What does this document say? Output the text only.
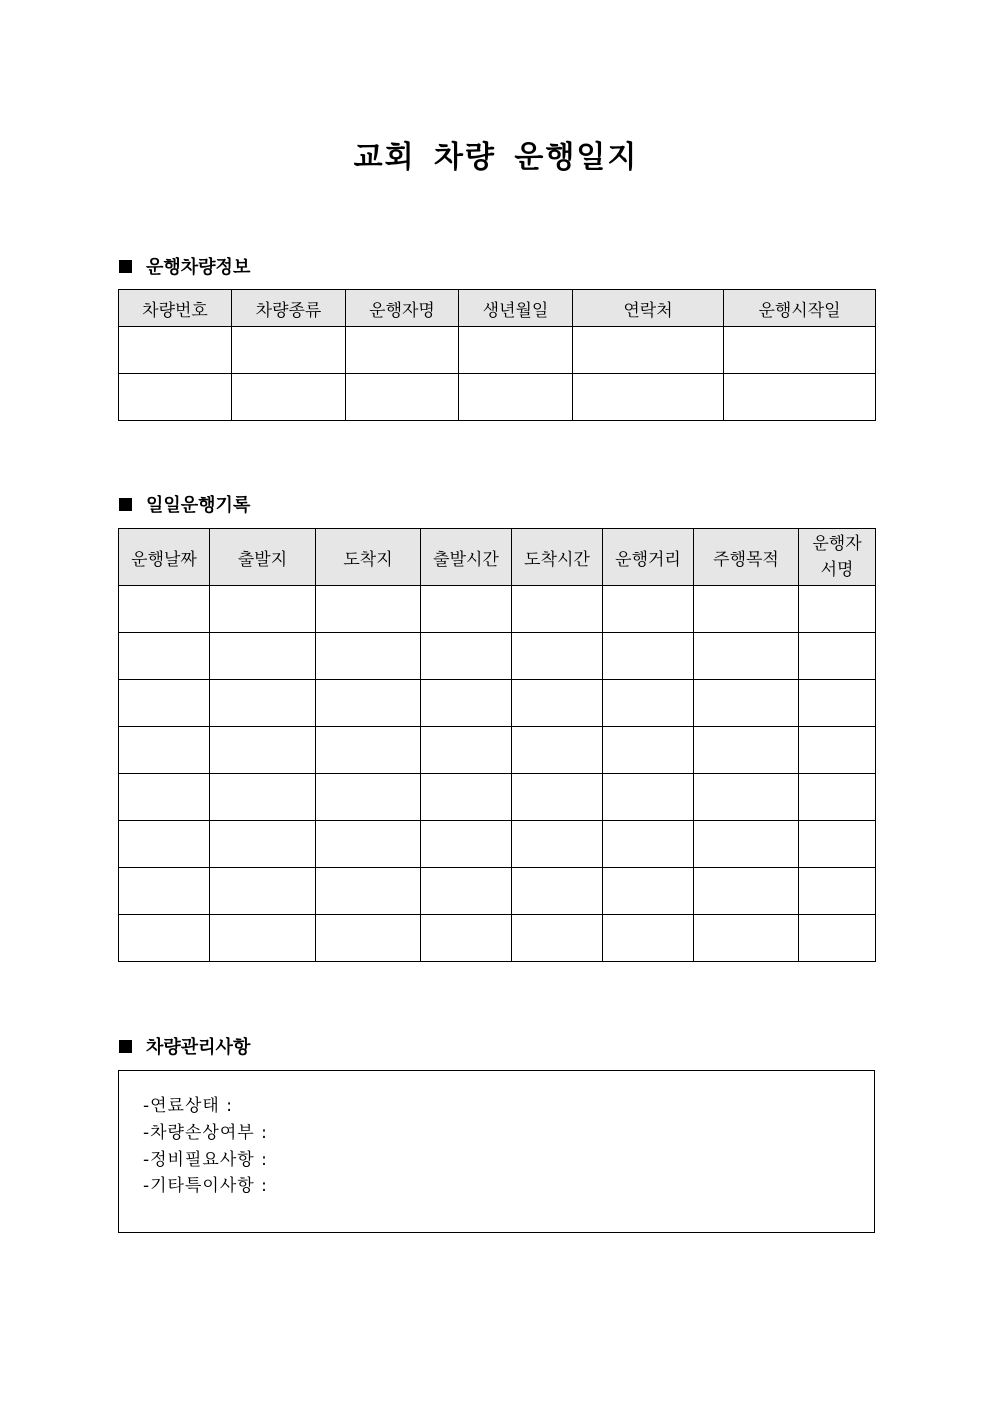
교회 차량 운행일지
운행차량정보
차량번호	차량종류	운행자명	생년월일	연락처	운행시작일

일일운행기록
운행날짜	출발지	도착지	출발시간	도착시간	운행거리	주행목적	운행자
서명

차량관리사항
-연료상태 :
-차량손상여부 :
-정비필요사항 :
-기타특이사항 :
